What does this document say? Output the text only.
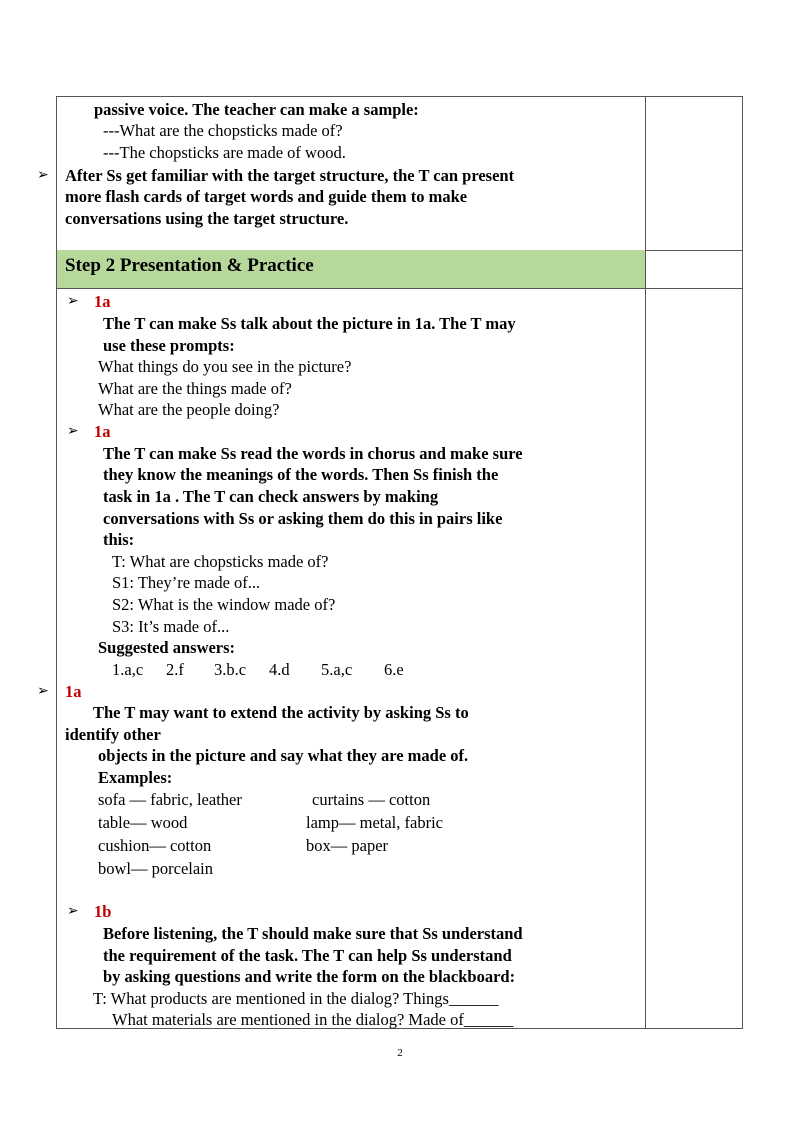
Step 2 Presentation & Practice
passive voice. The teacher can make a sample:
---What are the chopsticks made of?
---The chopsticks are made of wood.
➢ After Ss get familiar with the target structure, the T can present
more flash cards of target words and guide them to make
conversations using the target structure.
➢ 1a
The T can make Ss talk about the picture in 1a. The T may
use these prompts:
What things do you see in the picture?
What are the things made of?
What are the people doing?
➢ 1a
The T can make Ss read the words in chorus and make sure
they know the meanings of the words. Then Ss finish the
task in 1a . The T can check answers by making
conversations with Ss or asking them do this in pairs like
this:
T: What are chopsticks made of?
S1: They’re made of...
S2: What is the window made of?
S3: It’s made of...
Suggested answers:
1.a,c 2.f 3.b.c 4.d 5.a,c 6.e
➢ 1a
The T may want to extend the activity by asking Ss to
identify other
objects in the picture and say what they are made of.
Examples:
sofa — fabric, leather	curtains — cotton
table— wood	lamp— metal, fabric
cushion— cotton	box— paper
bowl— porcelain
➢ 1b
Before listening, the T should make sure that Ss understand
the requirement of the task. The T can help Ss understand
by asking questions and write the form on the blackboard:
T: What products are mentioned in the dialog? Things______
What materials are mentioned in the dialog? Made of______
2
